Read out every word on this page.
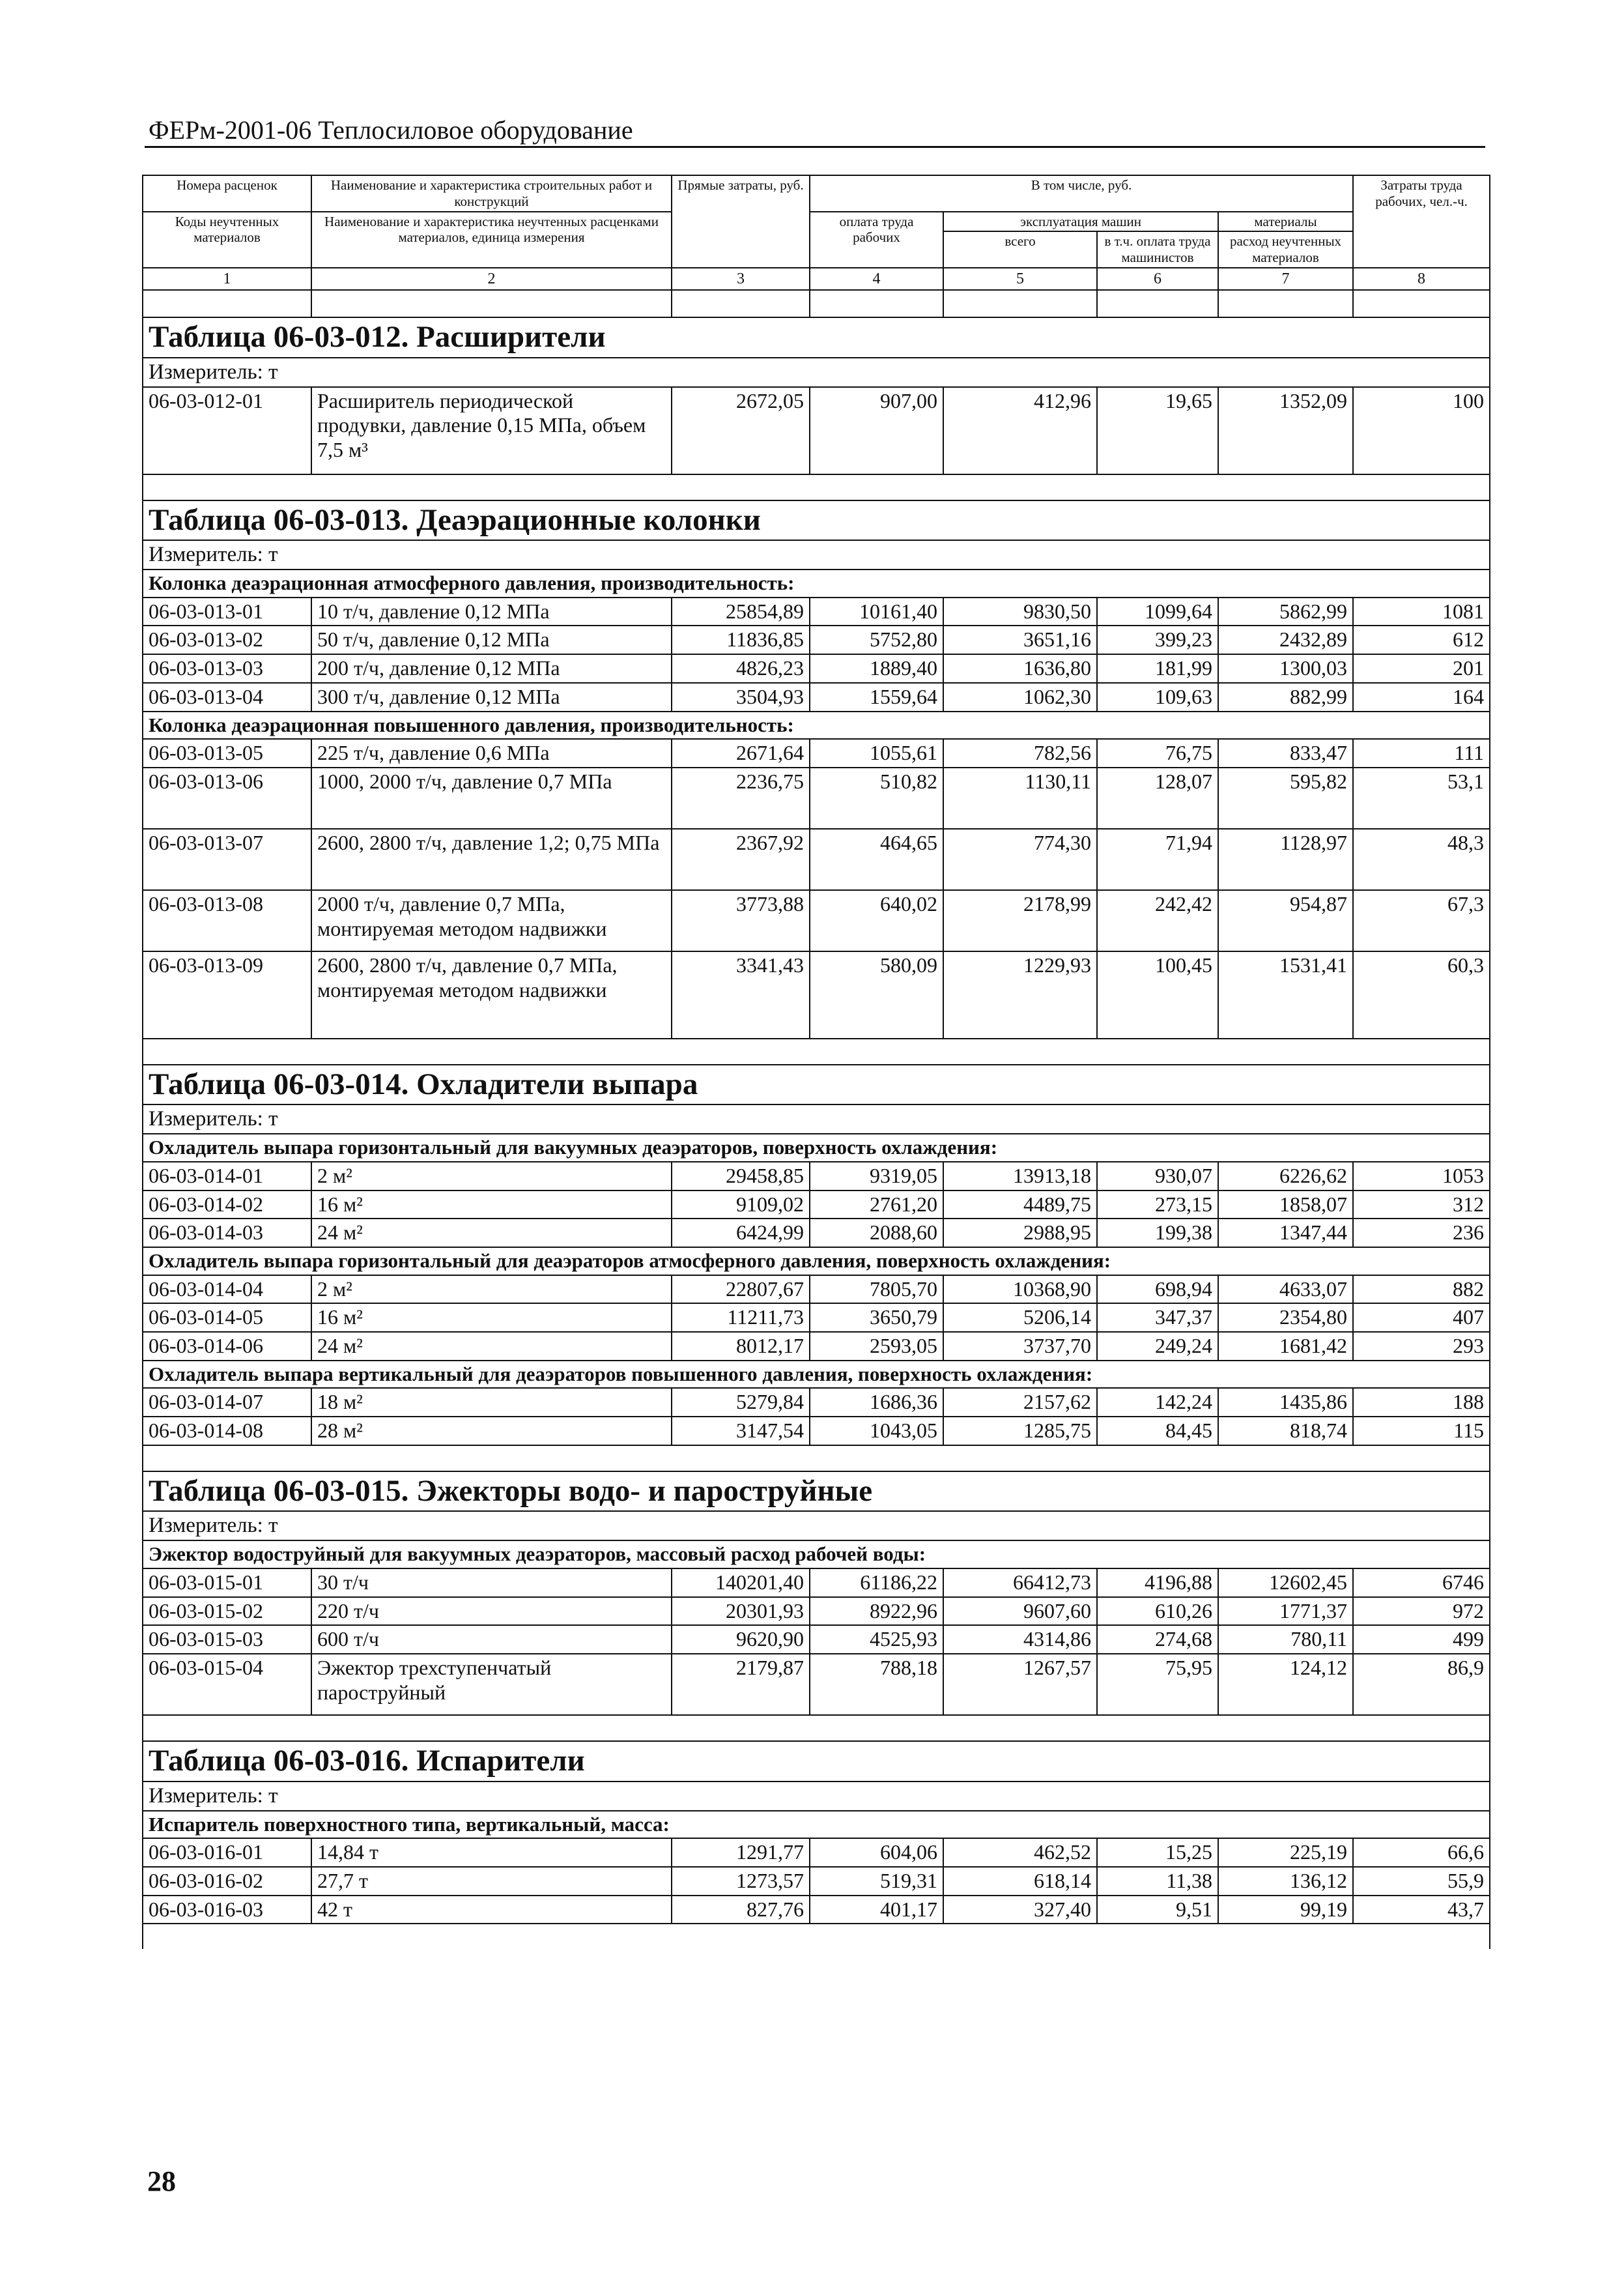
ФЕРм-2001-06 Теплосиловое оборудование
Номера расценок	Наименование и характеристика строительных работ и конструкций	Прямые затраты, руб.	В том числе, руб.				Затраты труда рабочих, чел.-ч.
Коды неучтенных материалов	Наименование и характеристика неучтенных расценками материалов, единица измерения		оплата труда рабочих	эксплуатация машин		материалы	
				всего	в т.ч. оплата труда машинистов	расход неучтенных материалов	
1	2	3	4	5	6	7	8

Таблица 06-03-012. Расширители							
Измеритель: т							
06-03-012-01	Расширитель периодической продувки, давление 0,15 МПа, объем 7,5 м³	2672,05	907,00	412,96	19,65	1352,09	100

Таблица 06-03-013. Деаэрационные колонки							
Измеритель: т							
Колонка деаэрационная атмосферного давления, производительность:							
06-03-013-01	10 т/ч, давление 0,12 МПа	25854,89	10161,40	9830,50	1099,64	5862,99	1081
06-03-013-02	50 т/ч, давление 0,12 МПа	11836,85	5752,80	3651,16	399,23	2432,89	612
06-03-013-03	200 т/ч, давление 0,12 МПа	4826,23	1889,40	1636,80	181,99	1300,03	201
06-03-013-04	300 т/ч, давление 0,12 МПа	3504,93	1559,64	1062,30	109,63	882,99	164
Колонка деаэрационная повышенного давления, производительность:							
06-03-013-05	225 т/ч, давление 0,6 МПа	2671,64	1055,61	782,56	76,75	833,47	111
06-03-013-06	1000, 2000 т/ч, давление 0,7 МПа	2236,75	510,82	1130,11	128,07	595,82	53,1
06-03-013-07	2600, 2800 т/ч, давление 1,2; 0,75 МПа	2367,92	464,65	774,30	71,94	1128,97	48,3
06-03-013-08	2000 т/ч, давление 0,7 МПа, монтируемая методом надвижки	3773,88	640,02	2178,99	242,42	954,87	67,3
06-03-013-09	2600, 2800 т/ч, давление 0,7 МПа, монтируемая методом надвижки	3341,43	580,09	1229,93	100,45	1531,41	60,3

Таблица 06-03-014. Охладители выпара							
Измеритель: т							
Охладитель выпара горизонтальный для вакуумных деаэраторов, поверхность охлаждения:							
06-03-014-01	2 м²	29458,85	9319,05	13913,18	930,07	6226,62	1053
06-03-014-02	16 м²	9109,02	2761,20	4489,75	273,15	1858,07	312
06-03-014-03	24 м²	6424,99	2088,60	2988,95	199,38	1347,44	236
Охладитель выпара горизонтальный для деаэраторов атмосферного давления, поверхность охлаждения:							
06-03-014-04	2 м²	22807,67	7805,70	10368,90	698,94	4633,07	882
06-03-014-05	16 м²	11211,73	3650,79	5206,14	347,37	2354,80	407
06-03-014-06	24 м²	8012,17	2593,05	3737,70	249,24	1681,42	293
Охладитель выпара вертикальный для деаэраторов повышенного давления, поверхность охлаждения:							
06-03-014-07	18 м²	5279,84	1686,36	2157,62	142,24	1435,86	188
06-03-014-08	28 м²	3147,54	1043,05	1285,75	84,45	818,74	115

Таблица 06-03-015. Эжекторы водо- и пароструйные							
Измеритель: т							
Эжектор водоструйный для вакуумных деаэраторов, массовый расход рабочей воды:							
06-03-015-01	30 т/ч	140201,40	61186,22	66412,73	4196,88	12602,45	6746
06-03-015-02	220 т/ч	20301,93	8922,96	9607,60	610,26	1771,37	972
06-03-015-03	600 т/ч	9620,90	4525,93	4314,86	274,68	780,11	499
06-03-015-04	Эжектор трехступенчатый пароструйный	2179,87	788,18	1267,57	75,95	124,12	86,9

Таблица 06-03-016. Испарители							
Измеритель: т							
Испаритель поверхностного типа, вертикальный, масса:							
06-03-016-01	14,84 т	1291,77	604,06	462,52	15,25	225,19	66,6
06-03-016-02	27,7 т	1273,57	519,31	618,14	11,38	136,12	55,9
06-03-016-03	42 т	827,76	401,17	327,40	9,51	99,19	43,7

28
